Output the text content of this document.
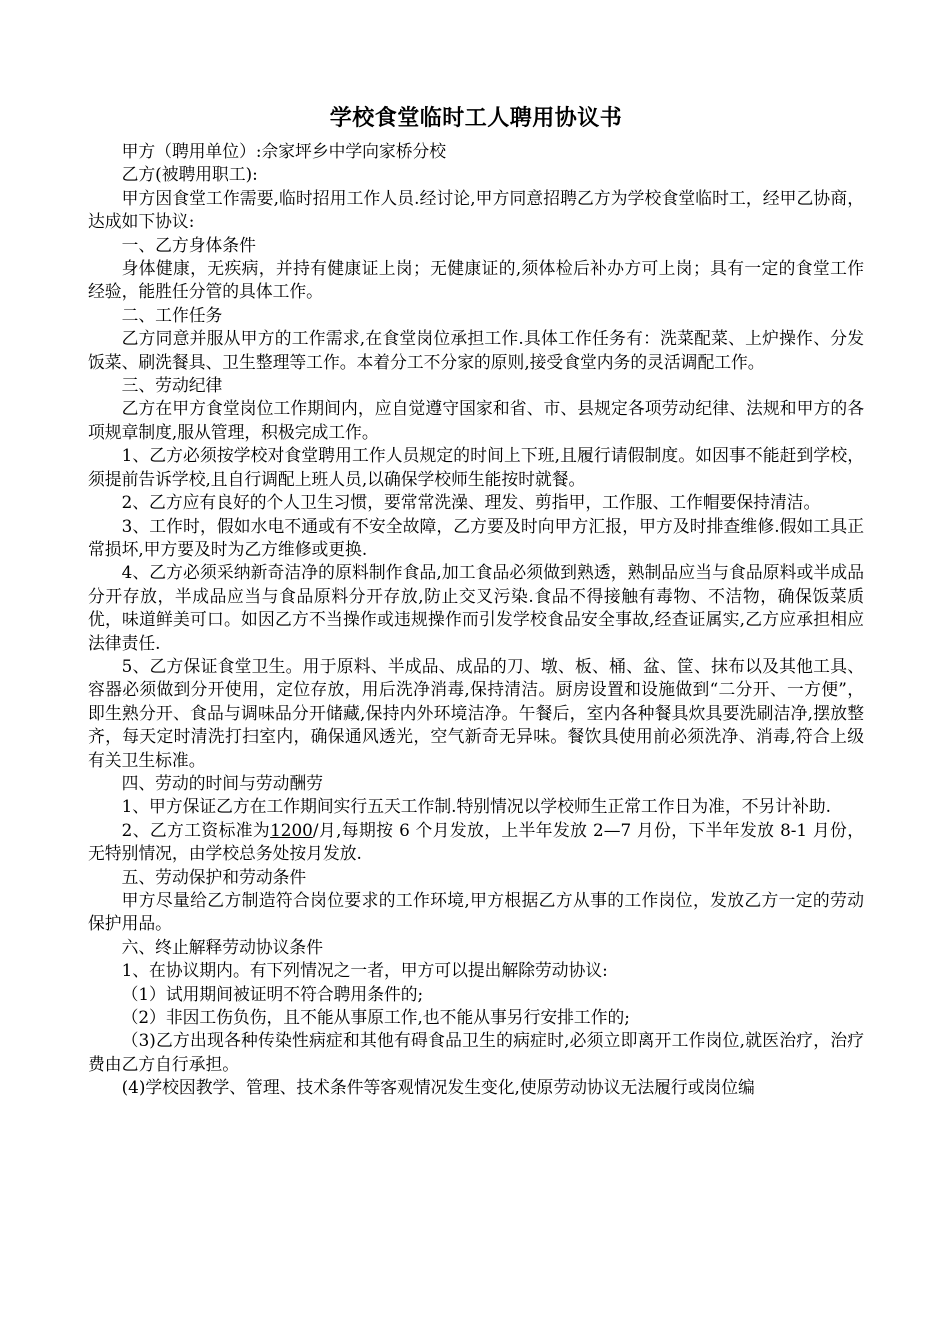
学校食堂临时工人聘用协议书

甲方（聘用单位）:佘家坪乡中学向家桥分校

乙方(被聘用职工):

甲方因食堂工作需要,临时招用工作人员.经讨论,甲方同意招聘乙方为学校食堂临时工，经甲乙协商，达成如下协议:

一、乙方身体条件

身体健康，无疾病，并持有健康证上岗；无健康证的,须体检后补办方可上岗；具有一定的食堂工作经验，能胜任分管的具体工作。

二、工作任务

乙方同意并服从甲方的工作需求,在食堂岗位承担工作.具体工作任务有：洗菜配菜、上炉操作、分发饭菜、刷洗餐具、卫生整理等工作。本着分工不分家的原则,接受食堂内务的灵活调配工作。

三、劳动纪律

乙方在甲方食堂岗位工作期间内，应自觉遵守国家和省、市、县规定各项劳动纪律、法规和甲方的各项规章制度,服从管理，积极完成工作。

1、乙方必须按学校对食堂聘用工作人员规定的时间上下班,且履行请假制度。如因事不能赶到学校，须提前告诉学校,且自行调配上班人员,以确保学校师生能按时就餐。

2、乙方应有良好的个人卫生习惯，要常常洗澡、理发、剪指甲，工作服、工作帽要保持清洁。

3、工作时，假如水电不通或有不安全故障，乙方要及时向甲方汇报，甲方及时排查维修.假如工具正常损坏,甲方要及时为乙方维修或更换.

4、乙方必须采纳新奇洁净的原料制作食品,加工食品必须做到熟透，熟制品应当与食品原料或半成品分开存放，半成品应当与食品原料分开存放,防止交叉污染.食品不得接触有毒物、不洁物，确保饭菜质优，味道鲜美可口。如因乙方不当操作或违规操作而引发学校食品安全事故,经查证属实,乙方应承担相应法律责任.

5、乙方保证食堂卫生。用于原料、半成品、成品的刀、墩、板、桶、盆、筐、抹布以及其他工具、容器必须做到分开使用，定位存放，用后洗净消毒,保持清洁。厨房设置和设施做到“二分开、一方便”，即生熟分开、食品与调味品分开储藏,保持内外环境洁净。午餐后，室内各种餐具炊具要洗刷洁净,摆放整齐，每天定时清洗打扫室内，确保通风透光，空气新奇无异味。餐饮具使用前必须洗净、消毒,符合上级有关卫生标准。

四、劳动的时间与劳动酬劳

1、甲方保证乙方在工作期间实行五天工作制.特别情况以学校师生正常工作日为准，不另计补助.

2、乙方工资标准为1200/月,每期按 6 个月发放，上半年发放 2—7 月份，下半年发放 8-1 月份，无特别情况，由学校总务处按月发放.

五、劳动保护和劳动条件

甲方尽量给乙方制造符合岗位要求的工作环境,甲方根据乙方从事的工作岗位，发放乙方一定的劳动保护用品。

六、终止解释劳动协议条件

1、在协议期内。有下列情况之一者，甲方可以提出解除劳动协议:

（1）试用期间被证明不符合聘用条件的;

（2）非因工伤负伤，且不能从事原工作,也不能从事另行安排工作的;

（3)乙方出现各种传染性病症和其他有碍食品卫生的病症时,必须立即离开工作岗位,就医治疗，治疗费由乙方自行承担。

(4)学校因教学、管理、技术条件等客观情况发生变化,使原劳动协议无法履行或岗位编
